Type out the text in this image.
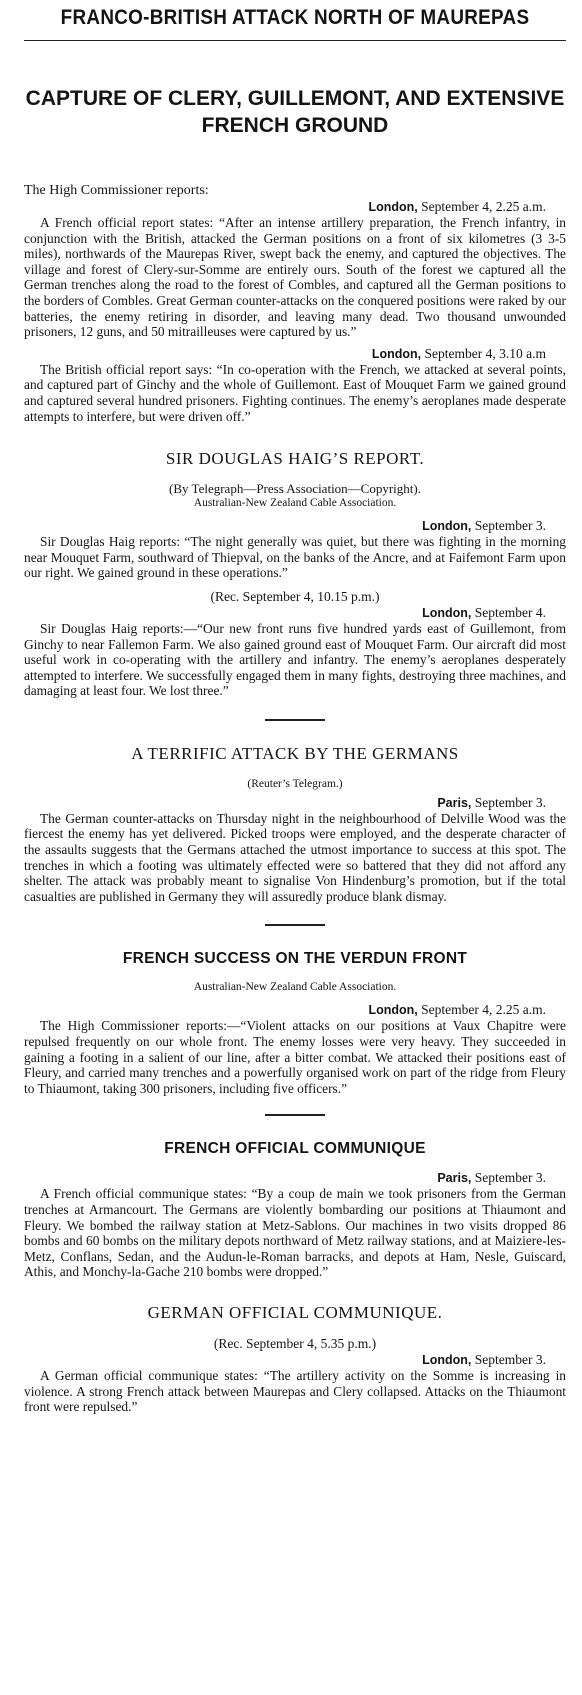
FRANCO-BRITISH ATTACK NORTH OF MAUREPAS
CAPTURE OF CLERY, GUILLEMONT, AND EXTENSIVE FRENCH GROUND
The High Commissioner reports:
London, September 4, 2.25 a.m.

A French official report states: “After an intense artillery preparation, the French infantry, in conjunction with the British, attacked the German positions on a front of six kilometres (3 3-5 miles), northwards of the Maurepas River, swept back the enemy, and captured the objectives. The village and forest of Clery-sur-Somme are entirely ours. South of the forest we captured all the German trenches along the road to the forest of Combles, and captured all the German positions to the borders of Combles. Great German counter-attacks on the conquered positions were raked by our batteries, the enemy retiring in disorder, and leaving many dead. Two thousand unwounded prisoners, 12 guns, and 50 mitrailleuses were captured by us.”

London, September 4, 3.10 a.m

The British official report says: “In co-operation with the French, we attacked at several points, and captured part of Ginchy and the whole of Guillemont. East of Mouquet Farm we gained ground and captured several hundred prisoners. Fighting continues. The enemy’s aeroplanes made desperate attempts to interfere, but were driven off.”

SIR DOUGLAS HAIG’S REPORT.
(By Telegraph—Press Association—Copyright).
Australian-New Zealand Cable Association.
London, September 3.

Sir Douglas Haig reports: “The night generally was quiet, but there was fighting in the morning near Mouquet Farm, southward of Thiepval, on the banks of the Ancre, and at Faifemont Farm upon our right. We gained ground in these operations.”

(Rec. September 4, 10.15 p.m.)
London, September 4.

Sir Douglas Haig reports:—“Our new front runs five hundred yards east of Guillemont, from Ginchy to near Fallemon Farm. We also gained ground east of Mouquet Farm. Our aircraft did most useful work in co-operating with the artillery and infantry. The enemy’s aeroplanes desperately attempted to interfere. We successfully engaged them in many fights, destroying three machines, and damaging at least four. We lost three.”

A TERRIFIC ATTACK BY THE GERMANS
(Reuter’s Telegram.)
Paris, September 3.

The German counter-attacks on Thursday night in the neighbourhood of Delville Wood was the fiercest the enemy has yet delivered. Picked troops were employed, and the desperate character of the assaults suggests that the Germans attached the utmost importance to success at this spot. The trenches in which a footing was ultimately effected were so battered that they did not afford any shelter. The attack was probably meant to signalise Von Hindenburg’s promotion, but if the total casualties are published in Germany they will assuredly produce blank dismay.

FRENCH SUCCESS ON THE VERDUN FRONT
Australian-New Zealand Cable Association.
London, September 4, 2.25 a.m.

The High Commissioner reports:—“Violent attacks on our positions at Vaux Chapitre were repulsed frequently on our whole front. The enemy losses were very heavy. They succeeded in gaining a footing in a salient of our line, after a bitter combat. We attacked their positions east of Fleury, and carried many trenches and a powerfully organised work on part of the ridge from Fleury to Thiaumont, taking 300 prisoners, including five officers.”

FRENCH OFFICIAL COMMUNIQUE
Paris, September 3.

A French official communique states: “By a coup de main we took prisoners from the German trenches at Armancourt. The Germans are violently bombarding our positions at Thiaumont and Fleury. We bombed the railway station at Metz-Sablons. Our machines in two visits dropped 86 bombs and 60 bombs on the military depots northward of Metz railway stations, and at Maiziere-les-Metz, Conflans, Sedan, and the Audun-le-Roman barracks, and depots at Ham, Nesle, Guiscard, Athis, and Monchy-la-Gache 210 bombs were dropped.”

GERMAN OFFICIAL COMMUNIQUE.
(Rec. September 4, 5.35 p.m.)
London, September 3.

A German official communique states: “The artillery activity on the Somme is increasing in violence. A strong French attack between Maurepas and Clery collapsed. Attacks on the Thiaumont front were repulsed.”
